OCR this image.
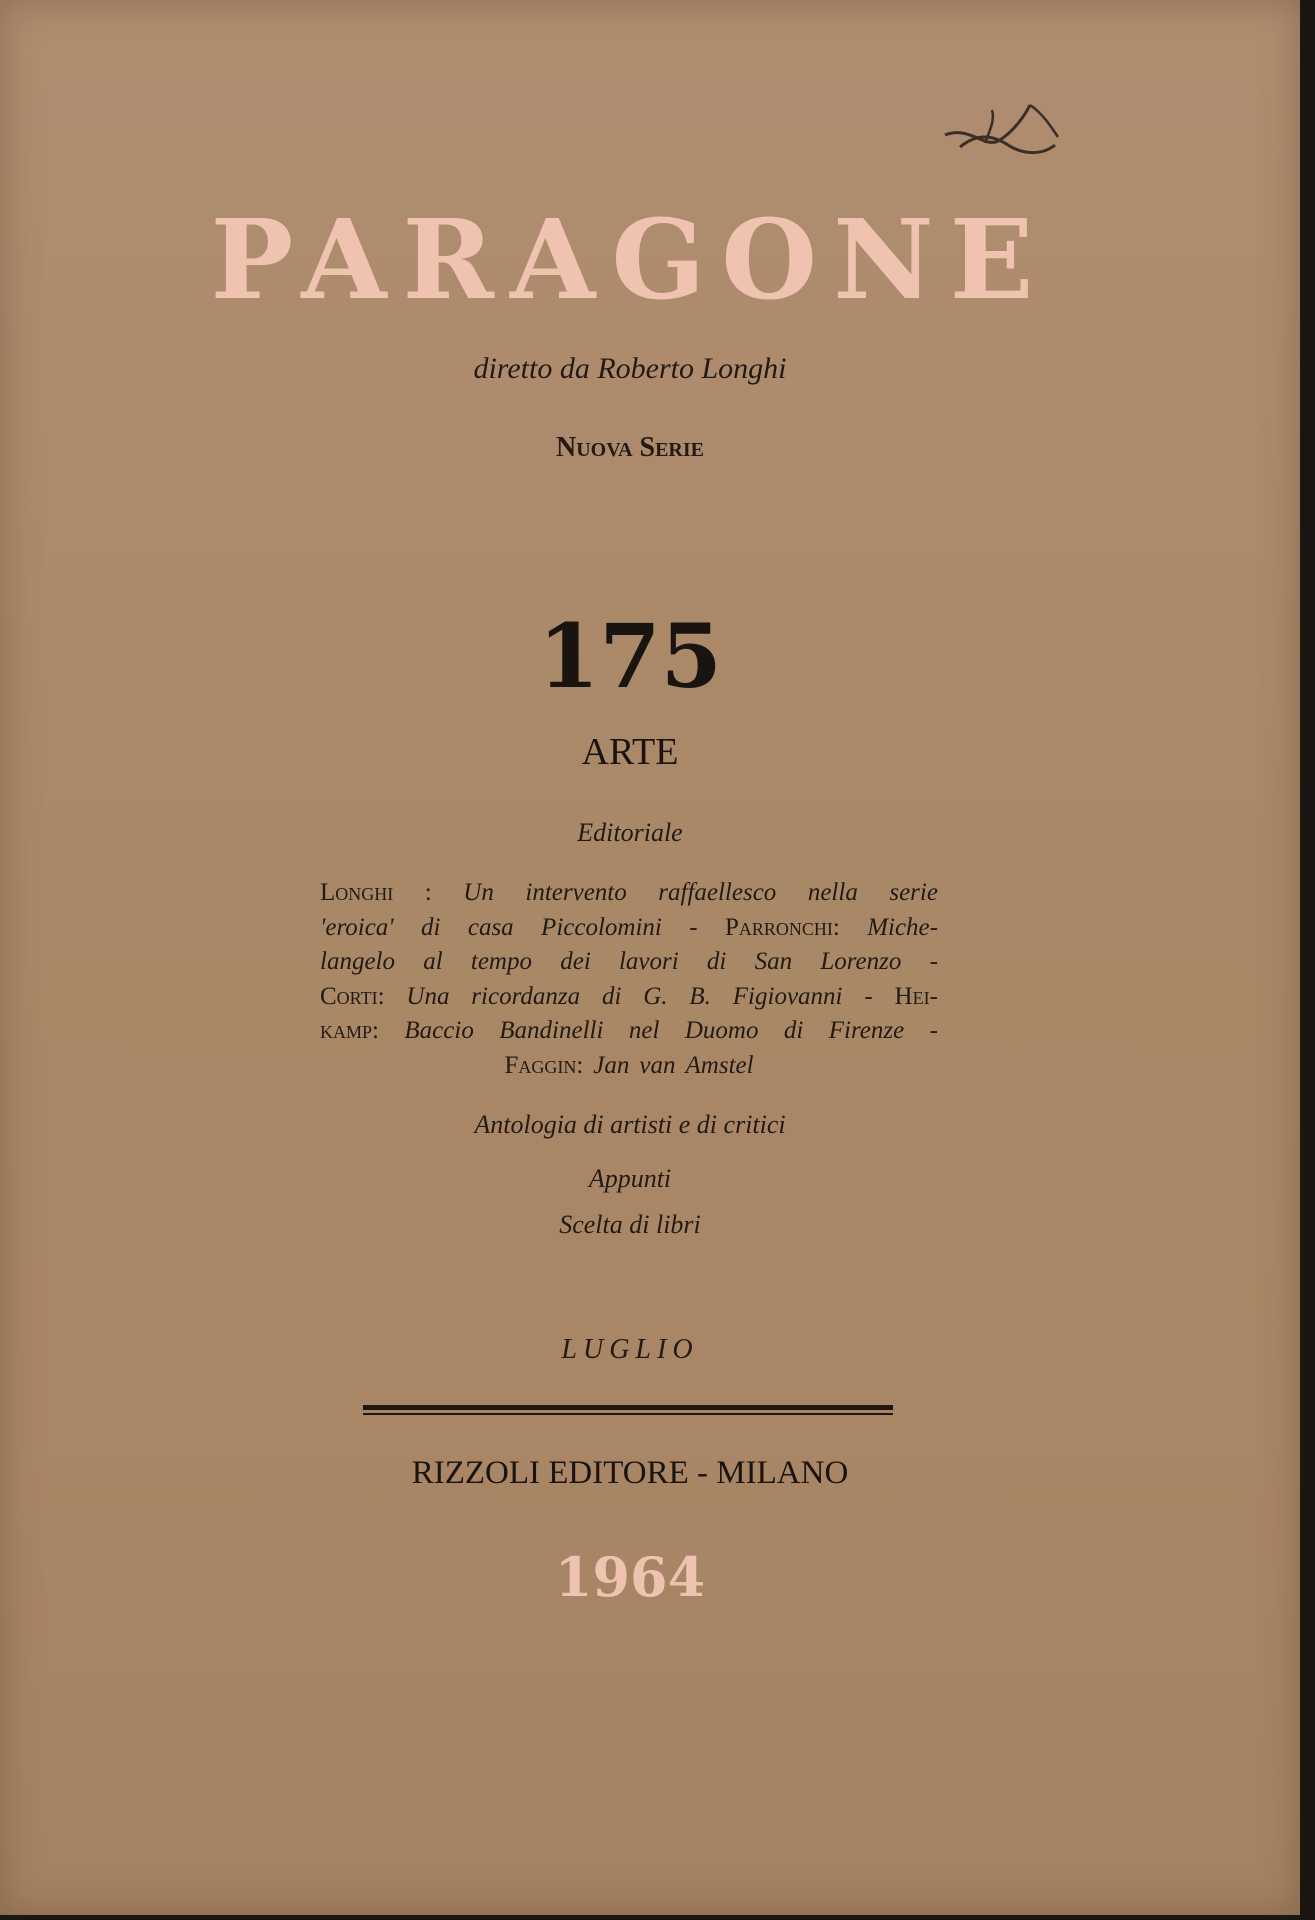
PARAGONE
diretto da Roberto Longhi
Nuova Serie
175
ARTE
Editoriale
Longhi : Un intervento raffaellesco nella serie
'eroica' di casa Piccolomini - Parronchi: Miche-
langelo al tempo dei lavori di San Lorenzo -
Corti: Una ricordanza di G. B. Figiovanni - Hei-
kamp: Baccio Bandinelli nel Duomo di Firenze -
Faggin: Jan van Amstel
Antologia di artisti e di critici
Appunti
Scelta di libri
LUGLIO
RIZZOLI EDITORE - MILANO
1964
